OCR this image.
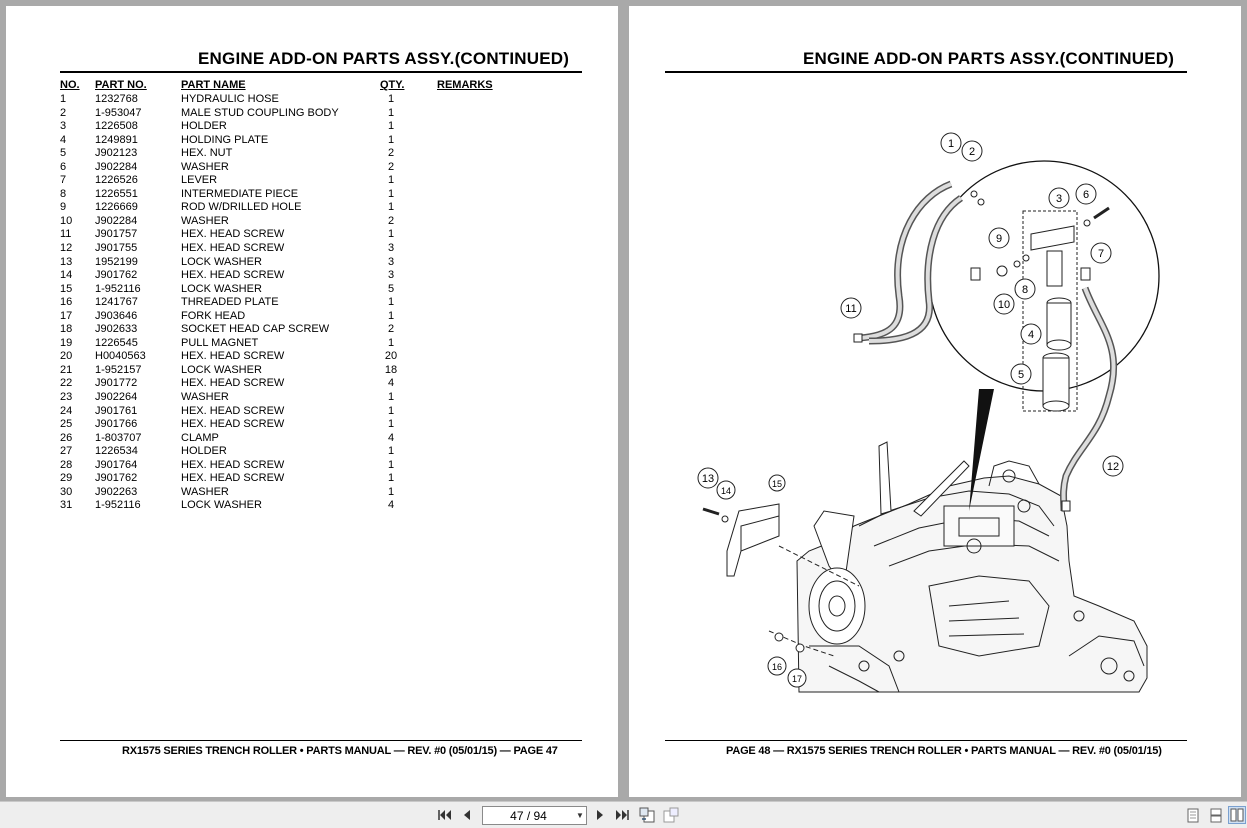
ENGINE ADD-ON PARTS ASSY.(CONTINUED)
NO. PART NO.	PART NAME	QTY.	REMARKS
1	1232768	HYDRAULIC HOSE	1
2	1-953047	MALE STUD COUPLING BODY	1
3	1226508	HOLDER	1
4	1249891	HOLDING PLATE	1
5	J902123	HEX. NUT	2
6	J902284	WASHER	2
7	1226526	LEVER	1
8	1226551	INTERMEDIATE PIECE	1
9	1226669	ROD W/DRILLED HOLE	1
10 J902284	WASHER	2
11 J901757	HEX. HEAD SCREW	1
12 J901755	HEX. HEAD SCREW	3
13 1952199	LOCK WASHER	3
14 J901762	HEX. HEAD SCREW	3
15 1-952116	LOCK WASHER	5
16 1241767	THREADED PLATE	1
17 J903646	FORK HEAD	1
18 J902633	SOCKET HEAD CAP SCREW	2
19 1226545	PULL MAGNET	1
20 H0040563	HEX. HEAD SCREW	20
21 1-952157	LOCK WASHER	18
22 J901772	HEX. HEAD SCREW	4
23 J902264	WASHER	1
24 J901761	HEX. HEAD SCREW	1
25 J901766	HEX. HEAD SCREW	1
26 1-803707	CLAMP	4
27 1226534	HOLDER	1
28 J901764	HEX. HEAD SCREW	1
29 J901762	HEX. HEAD SCREW	1
30 J902263	WASHER	1
31 1-952116	LOCK WASHER	4
RX1575 SERIES TRENCH ROLLER • PARTS MANUAL — REV. #0 (05/01/15) — PAGE 47
ENGINE ADD-ON PARTS ASSY.(CONTINUED)
1
2
3
4
5
6
7
8
9
10
11
12
13
14
15
16
17
PAGE 48 — RX1575 SERIES TRENCH ROLLER • PARTS MANUAL — REV. #0 (05/01/15)
47 / 94	▼
